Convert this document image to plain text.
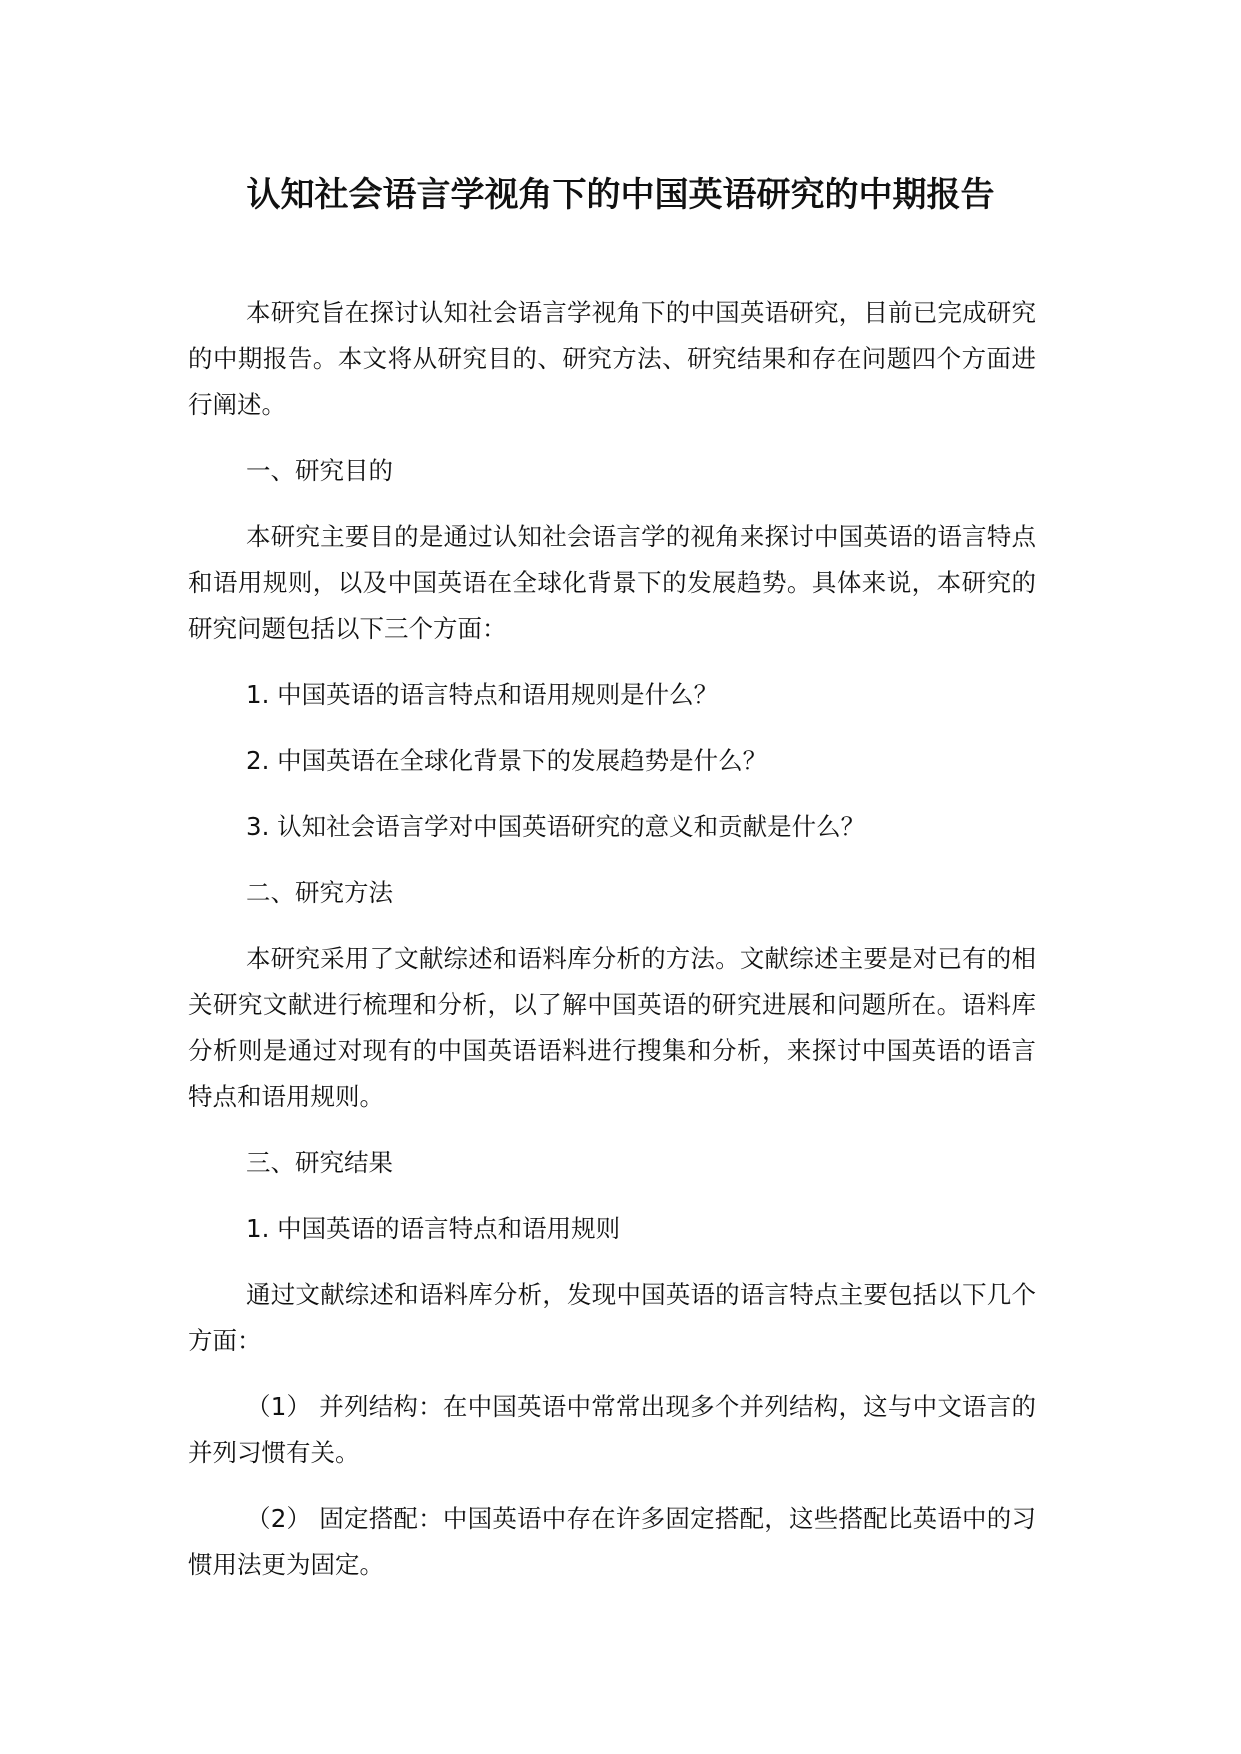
认知社会语言学视角下的中国英语研究的中期报告

本研究旨在探讨认知社会语言学视角下的中国英语研究，目前已完成研究的中期报告。本文将从研究目的、研究方法、研究结果和存在问题四个方面进行阐述。

一、研究目的

本研究主要目的是通过认知社会语言学的视角来探讨中国英语的语言特点和语用规则，以及中国英语在全球化背景下的发展趋势。具体来说，本研究的研究问题包括以下三个方面：

1. 中国英语的语言特点和语用规则是什么？

2. 中国英语在全球化背景下的发展趋势是什么？

3. 认知社会语言学对中国英语研究的意义和贡献是什么？

二、研究方法

本研究采用了文献综述和语料库分析的方法。文献综述主要是对已有的相关研究文献进行梳理和分析，以了解中国英语的研究进展和问题所在。语料库分析则是通过对现有的中国英语语料进行搜集和分析，来探讨中国英语的语言特点和语用规则。

三、研究结果

1. 中国英语的语言特点和语用规则

通过文献综述和语料库分析，发现中国英语的语言特点主要包括以下几个方面：

（1） 并列结构：在中国英语中常常出现多个并列结构，这与中文语言的并列习惯有关。

（2） 固定搭配：中国英语中存在许多固定搭配，这些搭配比英语中的习惯用法更为固定。
